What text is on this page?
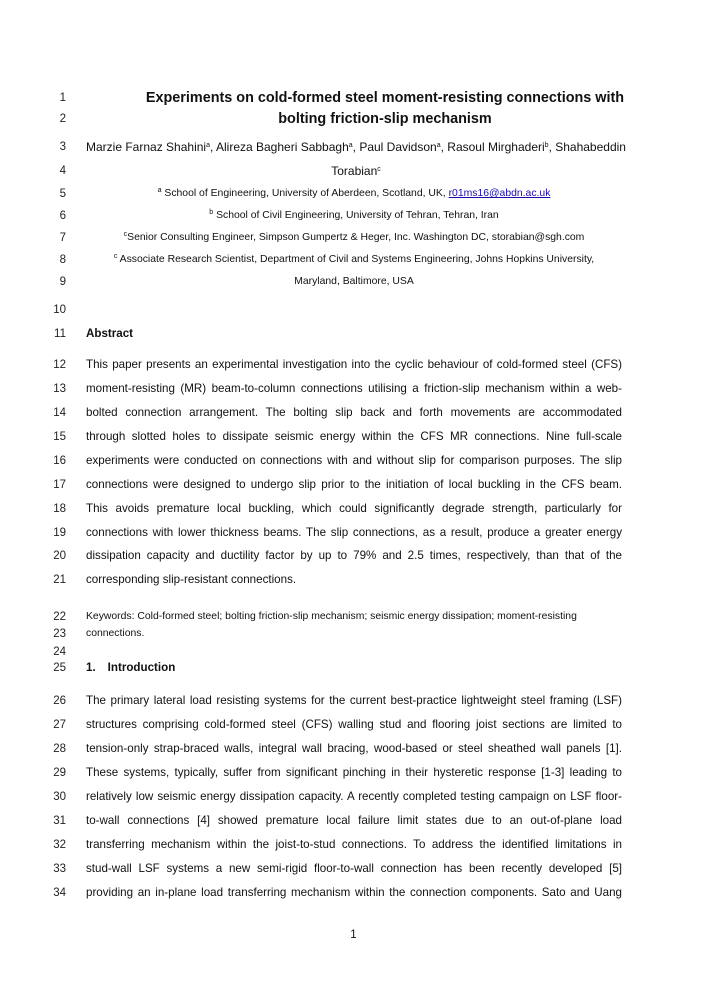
1
2
3
4
5
6
7
8
9
10
11
12
13
14
15
16
17
18
19
20
21
22
23
24
25
26
27
28
29
30
31
32
33
34
Experiments on cold-formed steel moment-resisting connections with
bolting friction-slip mechanism
Marzie Farnaz Shahini$^a$, Alireza Bagheri Sabbagh$^a$, Paul Davidson$^a$, Rasoul Mirghaderi$^b$, Shahabeddin
Torabian$^c$
$^a$ School of Engineering, University of Aberdeen, Scotland, UK, r01ms16@abdn.ac.uk
$^b$ School of Civil Engineering, University of Tehran, Tehran, Iran
$^c$Senior Consulting Engineer, Simpson Gumpertz & Heger, Inc. Washington DC, storabian@sgh.com
$^c$ Associate Research Scientist, Department of Civil and Systems Engineering, Johns Hopkins University,
Maryland, Baltimore, USA
Abstract
This paper presents an experimental investigation into the cyclic behaviour of cold-formed steel (CFS)
moment-resisting (MR) beam-to-column connections utilising a friction-slip mechanism within a web-
bolted connection arrangement. The bolting slip back and forth movements are accommodated
through slotted holes to dissipate seismic energy within the CFS MR connections. Nine full-scale
experiments were conducted on connections with and without slip for comparison purposes. The slip
connections were designed to undergo slip prior to the initiation of local buckling in the CFS beam.
This avoids premature local buckling, which could significantly degrade strength, particularly for
connections with lower thickness beams. The slip connections, as a result, produce a greater energy
dissipation capacity and ductility factor by up to 79% and 2.5 times, respectively, than that of the
corresponding slip-resistant connections.
Keywords: Cold-formed steel; bolting friction-slip mechanism; seismic energy dissipation; moment-resisting
connections.
1. Introduction
The primary lateral load resisting systems for the current best-practice lightweight steel framing (LSF)
structures comprising cold-formed steel (CFS) walling stud and flooring joist sections are limited to
tension-only strap-braced walls, integral wall bracing, wood-based or steel sheathed wall panels [1].
These systems, typically, suffer from significant pinching in their hysteretic response [1-3] leading to
relatively low seismic energy dissipation capacity. A recently completed testing campaign on LSF floor-
to-wall connections [4] showed premature local failure limit states due to an out-of-plane load
transferring mechanism within the joist-to-stud connections. To address the identified limitations in
stud-wall LSF systems a new semi-rigid floor-to-wall connection has been recently developed [5]
providing an in-plane load transferring mechanism within the connection components. Sato and Uang
1
